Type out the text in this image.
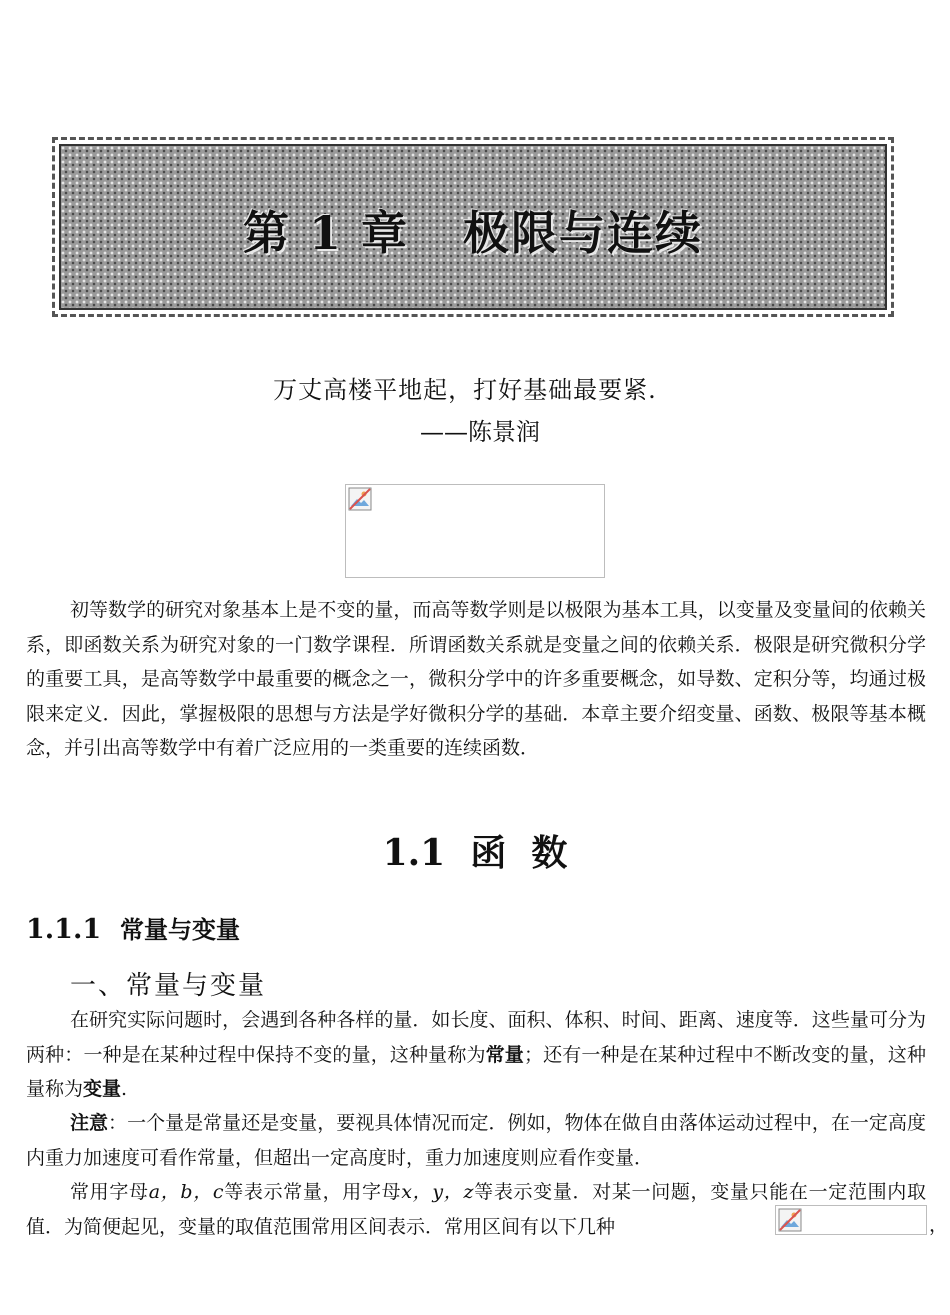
第 1 章   极限与连续
万丈高楼平地起，打好基础最要紧.
——陈景润

初等数学的研究对象基本上是不变的量，而高等数学则是以极限为基本工具，以变量及变量间的依赖关系，即函数关系为研究对象的一门数学课程．所谓函数关系就是变量之间的依赖关系．极限是研究微积分学的重要工具，是高等数学中最重要的概念之一，微积分学中的许多重要概念，如导数、定积分等，均通过极限来定义．因此，掌握极限的思想与方法是学好微积分学的基础．本章主要介绍变量、函数、极限等基本概念，并引出高等数学中有着广泛应用的一类重要的连续函数．

1.1 函  数
1.1.1 常量与变量
一、常量与变量

在研究实际问题时，会遇到各种各样的量．如长度、面积、体积、时间、距离、速度等．这些量可分为两种：一种是在某种过程中保持不变的量，这种量称为常量；还有一种是在某种过程中不断改变的量，这种量称为变量.

注意：一个量是常量还是变量，要视具体情况而定．例如，物体在做自由落体运动过程中，在一定高度内重力加速度可看作常量，但超出一定高度时，重力加速度则应看作变量．

常用字母a，b，c等表示常量，用字母x，y，z等表示变量．对某一问题，变量只能在一定范围内取值．为简便起见，变量的取值范围常用区间表示．常用区间有以下几种	，
